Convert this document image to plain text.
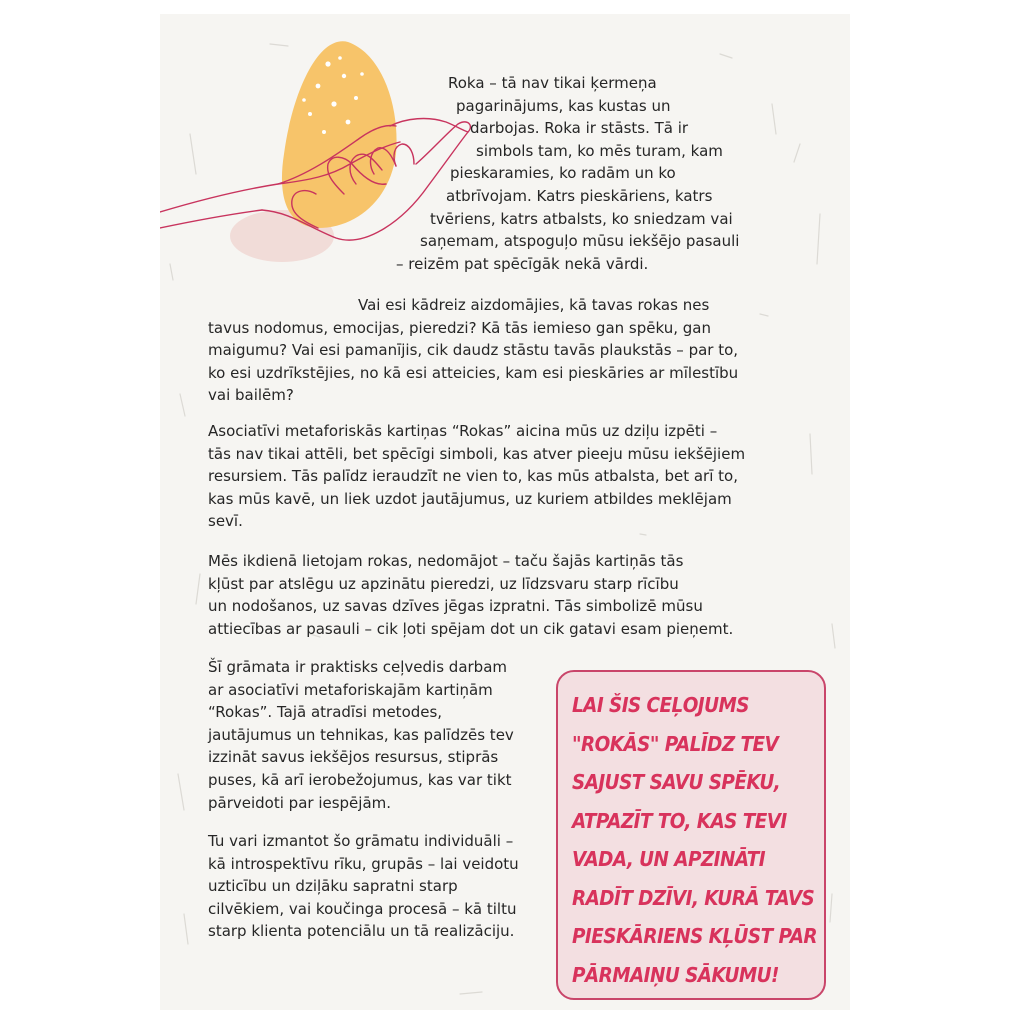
Roka – tā nav tikai ķermeņa
pagarinājums, kas kustas un
darbojas. Roka ir stāsts. Tā ir
simbols tam, ko mēs turam, kam
pieskaramies, ko radām un ko
atbrīvojam. Katrs pieskāriens, katrs
tvēriens, katrs atbalsts, ko sniedzam vai
saņemam, atspoguļo mūsu iekšējo pasauli
– reizēm pat spēcīgāk nekā vārdi.

Vai esi kādreiz aizdomājies, kā tavas rokas nes
tavus nodomus, emocijas, pieredzi? Kā tās iemieso gan spēku, gan
maigumu? Vai esi pamanījis, cik daudz stāstu tavās plaukstās – par to,
ko esi uzdrīkstējies, no kā esi atteicies, kam esi pieskāries ar mīlestību
vai bailēm?

Asociatīvi metaforiskās kartiņas “Rokas” aicina mūs uz dziļu izpēti –
tās nav tikai attēli, bet spēcīgi simboli, kas atver pieeju mūsu iekšējiem
resursiem. Tās palīdz ieraudzīt ne vien to, kas mūs atbalsta, bet arī to,
kas mūs kavē, un liek uzdot jautājumus, uz kuriem atbildes meklējam
sevī.

Mēs ikdienā lietojam rokas, nedomājot – taču šajās kartiņās tās
kļūst par atslēgu uz apzinātu pieredzi, uz līdzsvaru starp rīcību
un nodošanos, uz savas dzīves jēgas izpratni. Tās simbolizē mūsu
attiecības ar pasauli – cik ļoti spējam dot un cik gatavi esam pieņemt.

Šī grāmata ir praktisks ceļvedis darbam
ar asociatīvi metaforiskajām kartiņām
“Rokas”. Tajā atradīsi metodes,
jautājumus un tehnikas, kas palīdzēs tev
izzināt savus iekšējos resursus, stiprās
puses, kā arī ierobežojumus, kas var tikt
pārveidoti par iespējām.

Tu vari izmantot šo grāmatu individuāli –
kā introspektīvu rīku, grupās – lai veidotu
uzticību un dziļāku sapratni starp
cilvēkiem, vai koučinga procesā – kā tiltu
starp klienta potenciālu un tā realizāciju.

LAI ŠIS CEĻOJUMS
"ROKĀS" PALĪDZ TEV
SAJUST SAVU SPĒKU,
ATPAZĪT TO, KAS TEVI
VADA, UN APZINĀTI
RADĪT DZĪVI, KURĀ TAVS
PIESKĀRIENS KĻŪST PAR
PĀRMAIŅU SĀKUMU!
